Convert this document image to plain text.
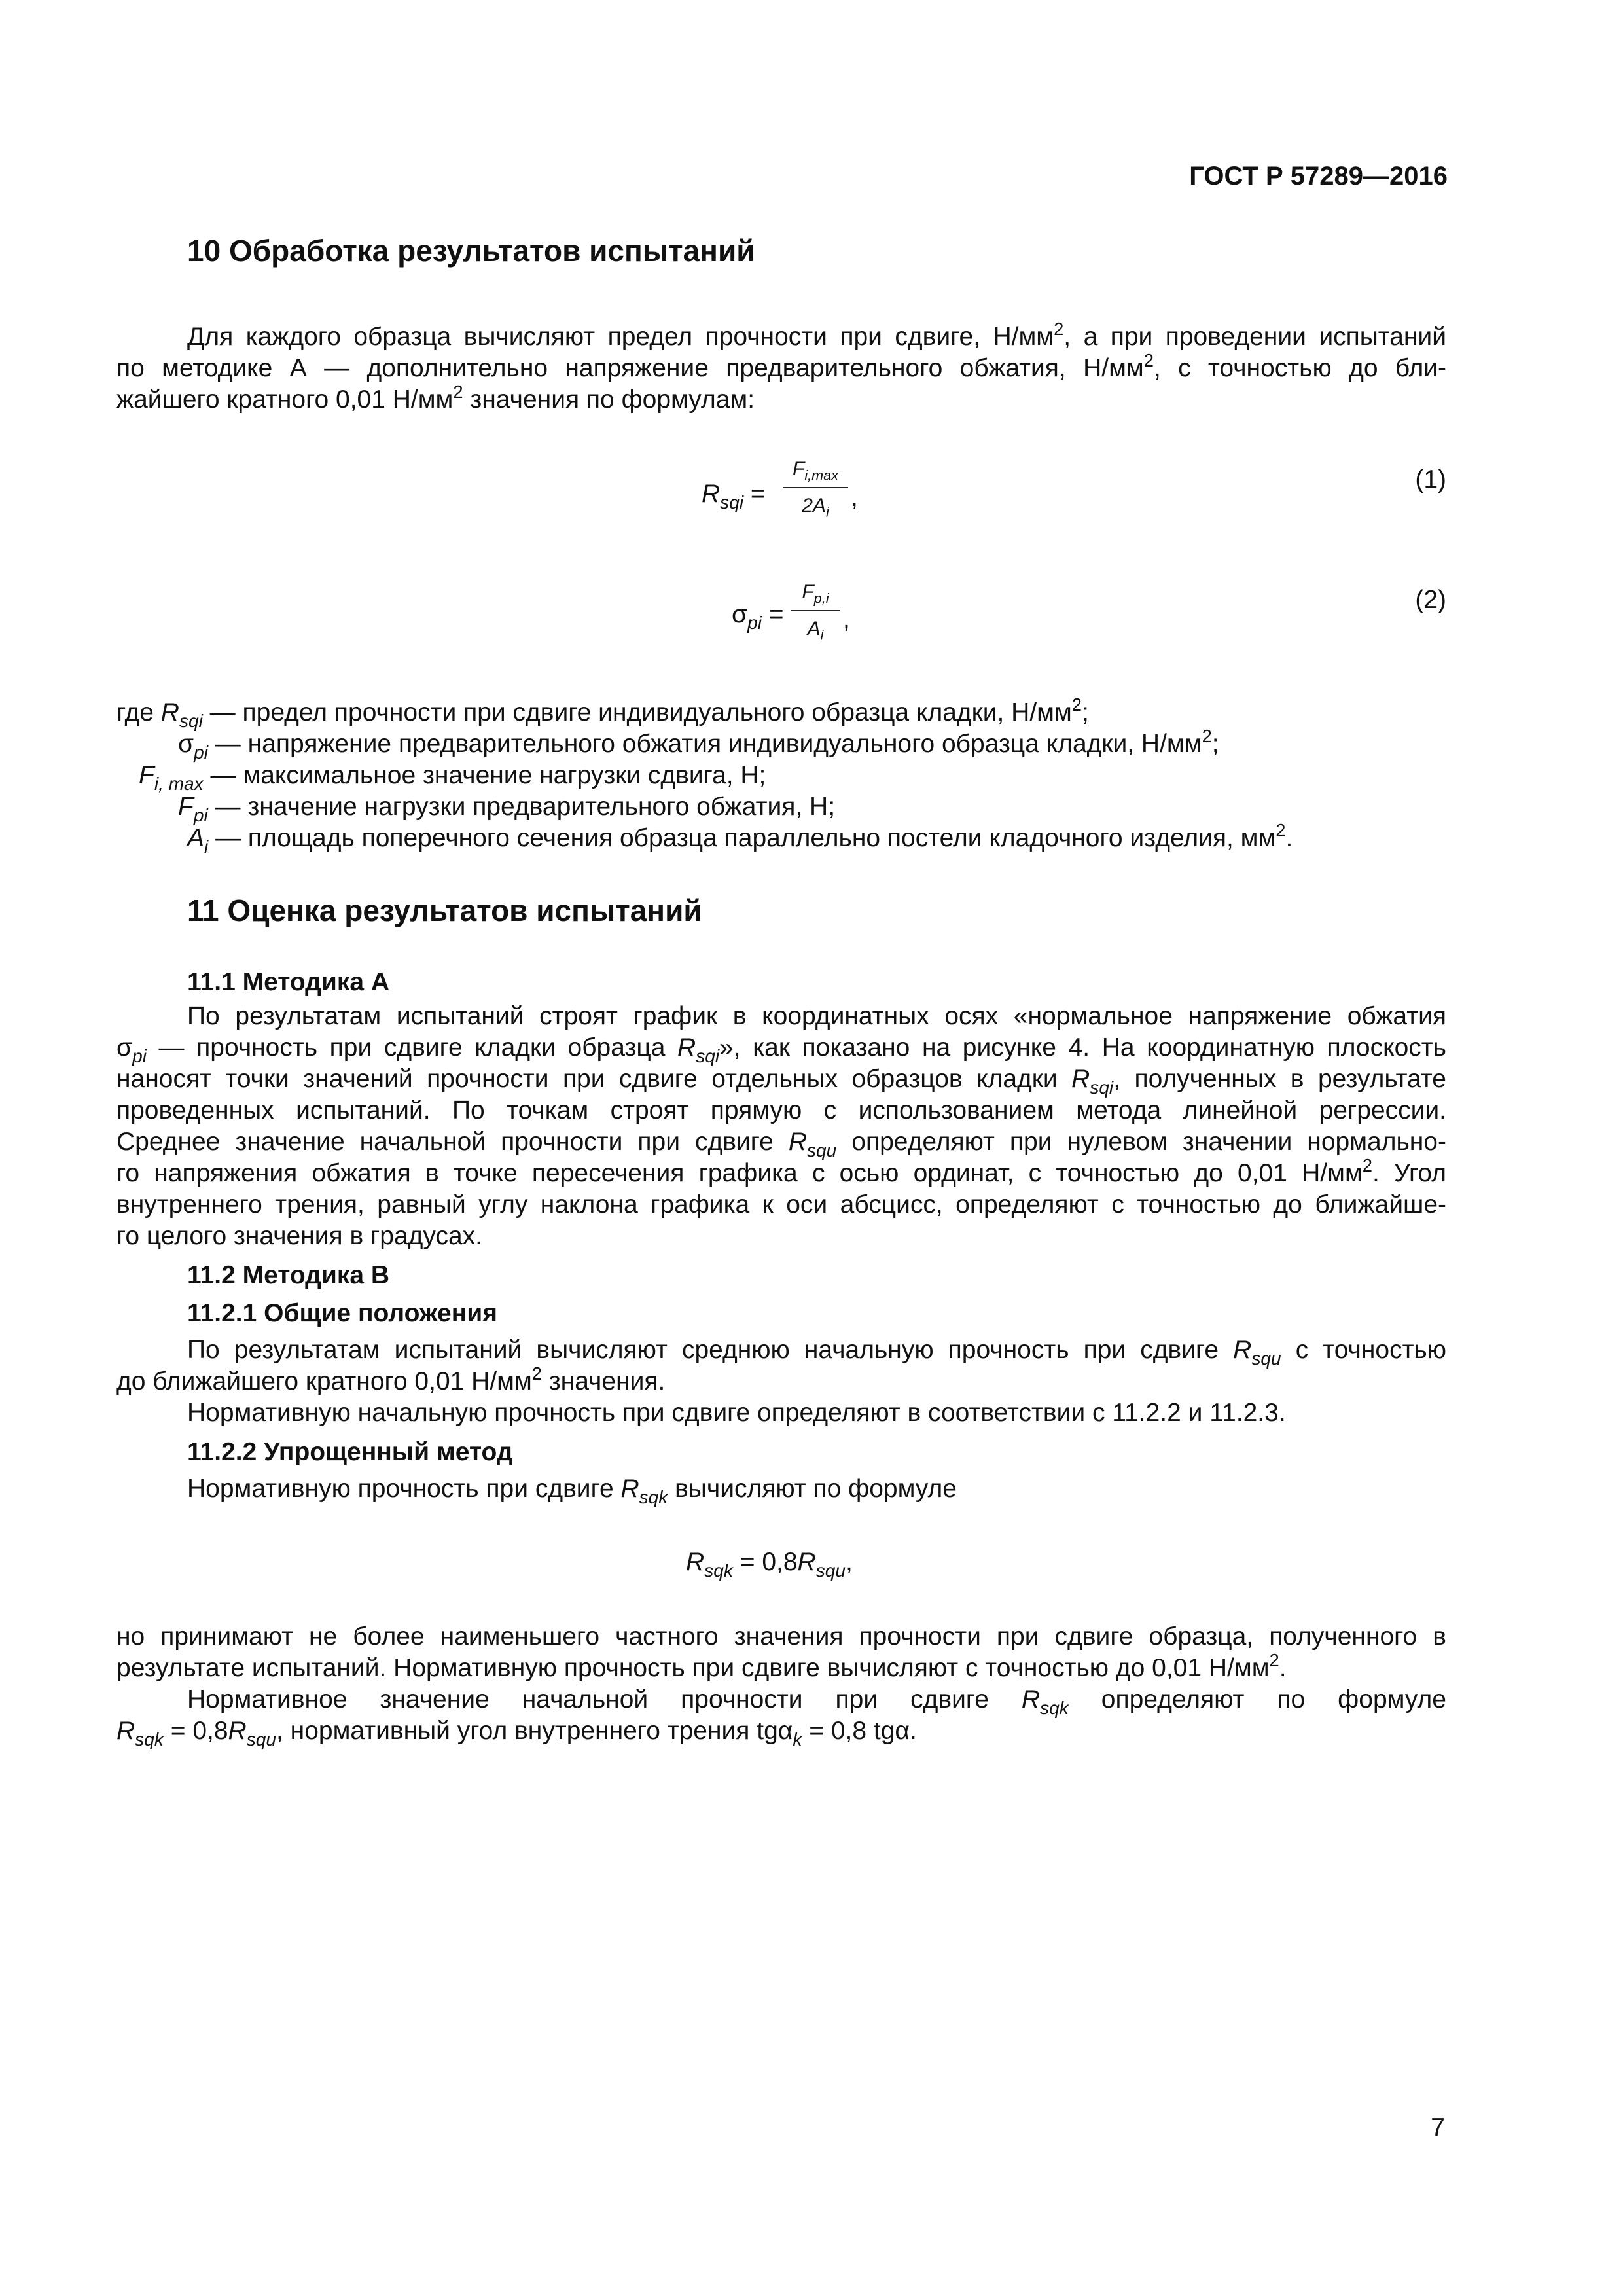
ГОСТ Р 57289—2016
10 Обработка результатов испытаний
Для каждого образца вычисляют предел прочности при сдвиге, $Н/мм^2$, а при проведении испытаний
по методике А — дополнительно напряжение предварительного обжатия, $Н/мм^2$, с точностью до бли-
жайшего кратного 0,01 $Н/мм^2$ значения по формулам:
$R_{sqi}$ =
$F_{i,max}$
$2A_i$
,
(1)
$\sigma_{pi}$ =
$F_{p,i}$
$A_i$
,
(2)
где $R_{sqi}$ — предел прочности при сдвиге индивидуального образца кладки, $Н/мм^2$;
$\sigma_{pi}$ — напряжение предварительного обжатия индивидуального образца кладки, $Н/мм^2$;
$F_{i, max}$ — максимальное значение нагрузки сдвига, Н;
$F_{pi}$ — значение нагрузки предварительного обжатия, Н;
$A_i$ — площадь поперечного сечения образца параллельно постели кладочного изделия, $мм^2$.
11 Оценка результатов испытаний
11.1 Методика А
По результатам испытаний строят график в координатных осях «нормальное напряжение обжатия
$\sigma_{pi}$ — прочность при сдвиге кладки образца $R_{sqi}$», как показано на рисунке 4. На координатную плоскость
наносят точки значений прочности при сдвиге отдельных образцов кладки $R_{sqi}$, полученных в результате
проведенных испытаний. По точкам строят прямую с использованием метода линейной регрессии.
Среднее значение начальной прочности при сдвиге $R_{squ}$ определяют при нулевом значении нормально-
го напряжения обжатия в точке пересечения графика с осью ординат, с точностью до 0,01 $Н/мм^2$. Угол
внутреннего трения, равный углу наклона графика к оси абсцисс, определяют с точностью до ближайше-
го целого значения в градусах.
11.2 Методика В
11.2.1 Общие положения
По результатам испытаний вычисляют среднюю начальную прочность при сдвиге $R_{squ}$ с точностью
до ближайшего кратного 0,01 $Н/мм^2$ значения.
Нормативную начальную прочность при сдвиге определяют в соответствии с 11.2.2 и 11.2.3.
11.2.2 Упрощенный метод
Нормативную прочность при сдвиге $R_{sqk}$ вычисляют по формуле
$R_{sqk} = 0,8R_{squ}$,
но принимают не более наименьшего частного значения прочности при сдвиге образца, полученного в
результате испытаний. Нормативную прочность при сдвиге вычисляют с точностью до 0,01 $Н/мм^2$.
Нормативное значение начальной прочности при сдвиге $R_{sqk}$ определяют по формуле
$R_{sqk} = 0,8R_{squ}$, нормативный угол внутреннего трения tgα$_k$ = 0,8 tgα.
7
